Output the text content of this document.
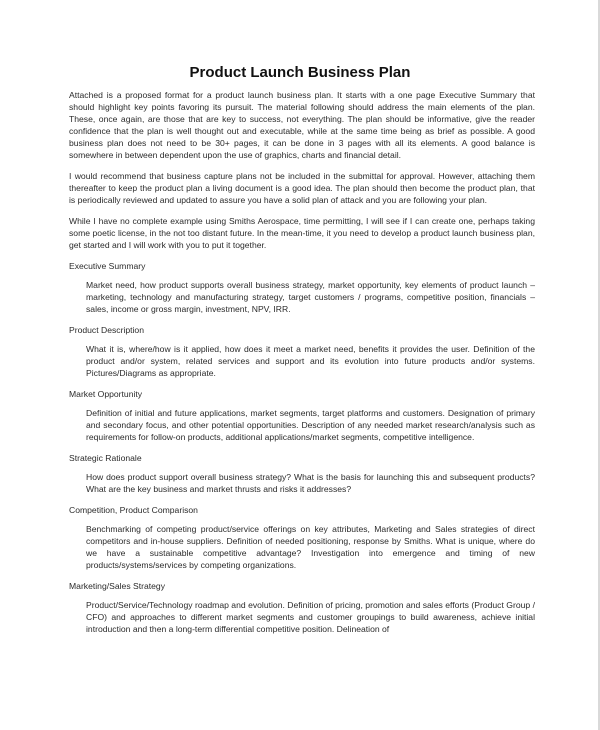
Product Launch Business Plan

Attached is a proposed format for a product launch business plan. It starts with a one page Executive Summary that should highlight key points favoring its pursuit. The material following should address the main elements of the plan. These, once again, are those that are key to success, not everything. The plan should be informative, give the reader confidence that the plan is well thought out and executable, while at the same time being as brief as possible. A good business plan does not need to be 30+ pages, it can be done in 3 pages with all its elements. A good balance is somewhere in between dependent upon the use of graphics, charts and financial detail.

I would recommend that business capture plans not be included in the submittal for approval. However, attaching them thereafter to keep the product plan a living document is a good idea. The plan should then become the product plan, that is periodically reviewed and updated to assure you have a solid plan of attack and you are following your plan.

While I have no complete example using Smiths Aerospace, time permitting, I will see if I can create one, perhaps taking some poetic license, in the not too distant future. In the mean-time, it you need to develop a product launch business plan, get started and I will work with you to put it together.

Executive Summary

Market need, how product supports overall business strategy, market opportunity, key elements of product launch – marketing, technology and manufacturing strategy, target customers / programs, competitive position, financials – sales, income or gross margin, investment, NPV, IRR.

Product Description

What it is, where/how is it applied, how does it meet a market need, benefits it provides the user. Definition of the product and/or system, related services and support and its evolution into future products and/or systems. Pictures/Diagrams as appropriate.

Market Opportunity

Definition of initial and future applications, market segments, target platforms and customers. Designation of primary and secondary focus, and other potential opportunities. Description of any needed market research/analysis such as requirements for follow-on products, additional applications/market segments, competitive intelligence.

Strategic Rationale

How does product support overall business strategy? What is the basis for launching this and subsequent products? What are the key business and market thrusts and risks it addresses?

Competition, Product Comparison

Benchmarking of competing product/service offerings on key attributes, Marketing and Sales strategies of direct competitors and in-house suppliers. Definition of needed positioning, response by Smiths. What is unique, where do we have a sustainable competitive advantage? Investigation into emergence and timing of new products/systems/services by competing organizations.

Marketing/Sales Strategy

Product/Service/Technology roadmap and evolution. Definition of pricing, promotion and sales efforts (Product Group / CFO) and approaches to different market segments and customer groupings to build awareness, achieve initial introduction and then a long-term differential competitive position. Delineation of
